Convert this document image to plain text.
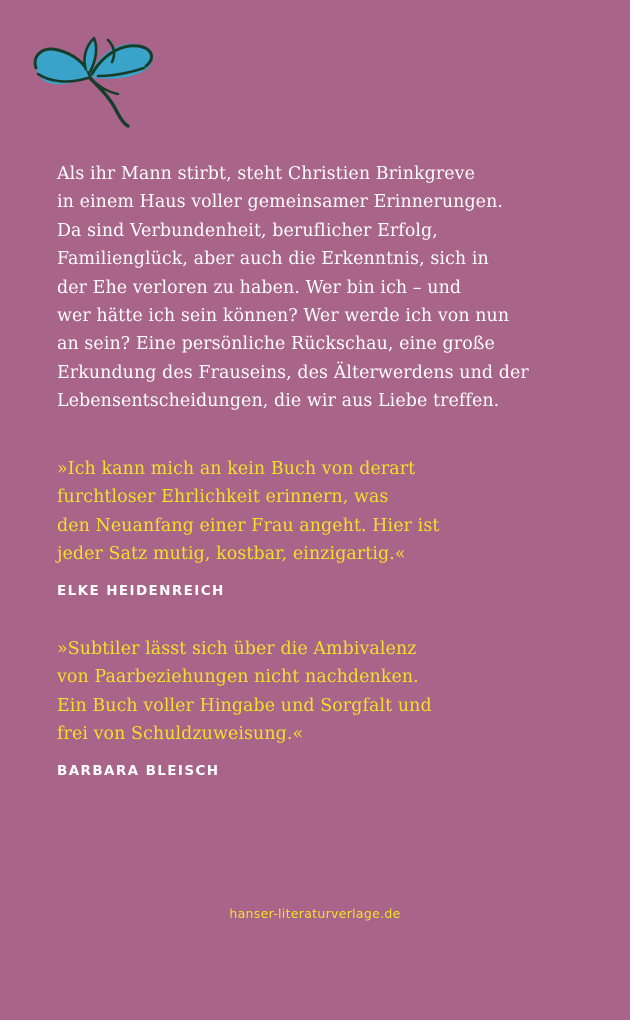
Als ihr Mann stirbt, steht Christien Brinkgreve
in einem Haus voller gemeinsamer Erinnerungen.
Da sind Verbundenheit, beruflicher Erfolg,
Familienglück, aber auch die Erkenntnis, sich in
der Ehe verloren zu haben. Wer bin ich – und
wer hätte ich sein können? Wer werde ich von nun
an sein? Eine persönliche Rückschau, eine große
Erkundung des Frauseins, des Älterwerdens und der
Lebensentscheidungen, die wir aus Liebe treffen.

»Ich kann mich an kein Buch von derart
furchtloser Ehrlichkeit erinnern, was
den Neuanfang einer Frau angeht. Hier ist
jeder Satz mutig, kostbar, einzigartig.«

ELKE HEIDENREICH

»Subtiler lässt sich über die Ambivalenz
von Paarbeziehungen nicht nachdenken.
Ein Buch voller Hingabe und Sorgfalt und
frei von Schuldzuweisung.«

BARBARA BLEISCH

hanser-literaturverlage.de
